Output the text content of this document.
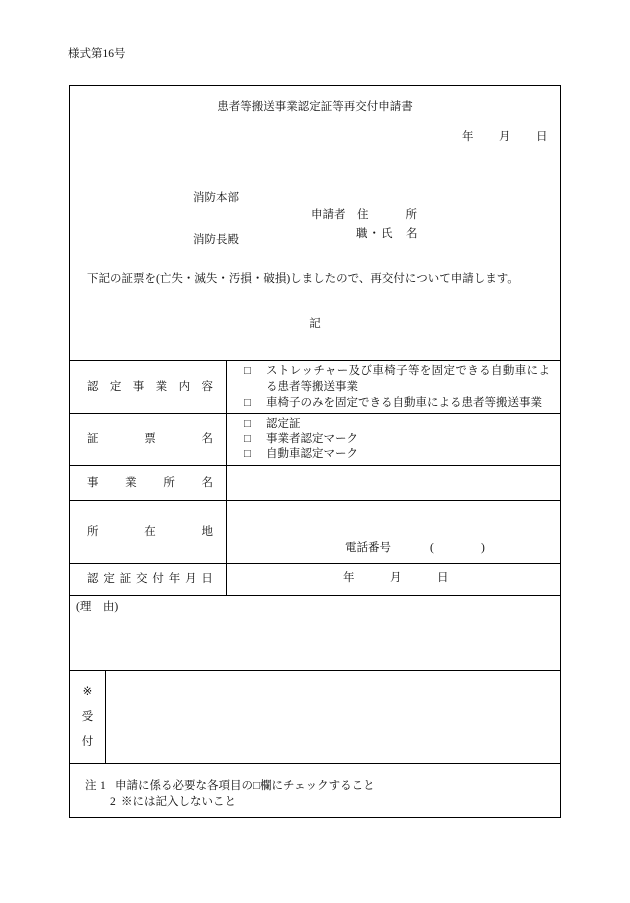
様式第16号
患者等搬送事業認定証等再交付申請書
年 月 日

消防本部

消防長殿

申請者 住	所
職・氏　名
下記の証票を(亡失・滅失・汚損・破損)しましたので、再交付について申請します。
記
認 定 事 業 内 容
□	ストレッチャー及び車椅子等を固定できる自動車による患者等搬送事業
□	車椅子のみを固定できる自動車による患者等搬送事業
証	票	名
□	認定証
□	事業者認定マーク
□	自動車認定マーク
事 業 所 名
所	在	地
電話番号	(	)
認 定 証 交 付 年 月 日	年	月	日
(理　由)
※
受
付
注 1 申請に係る必要な各項目の□欄にチェックすること
2 ※には記入しないこと
